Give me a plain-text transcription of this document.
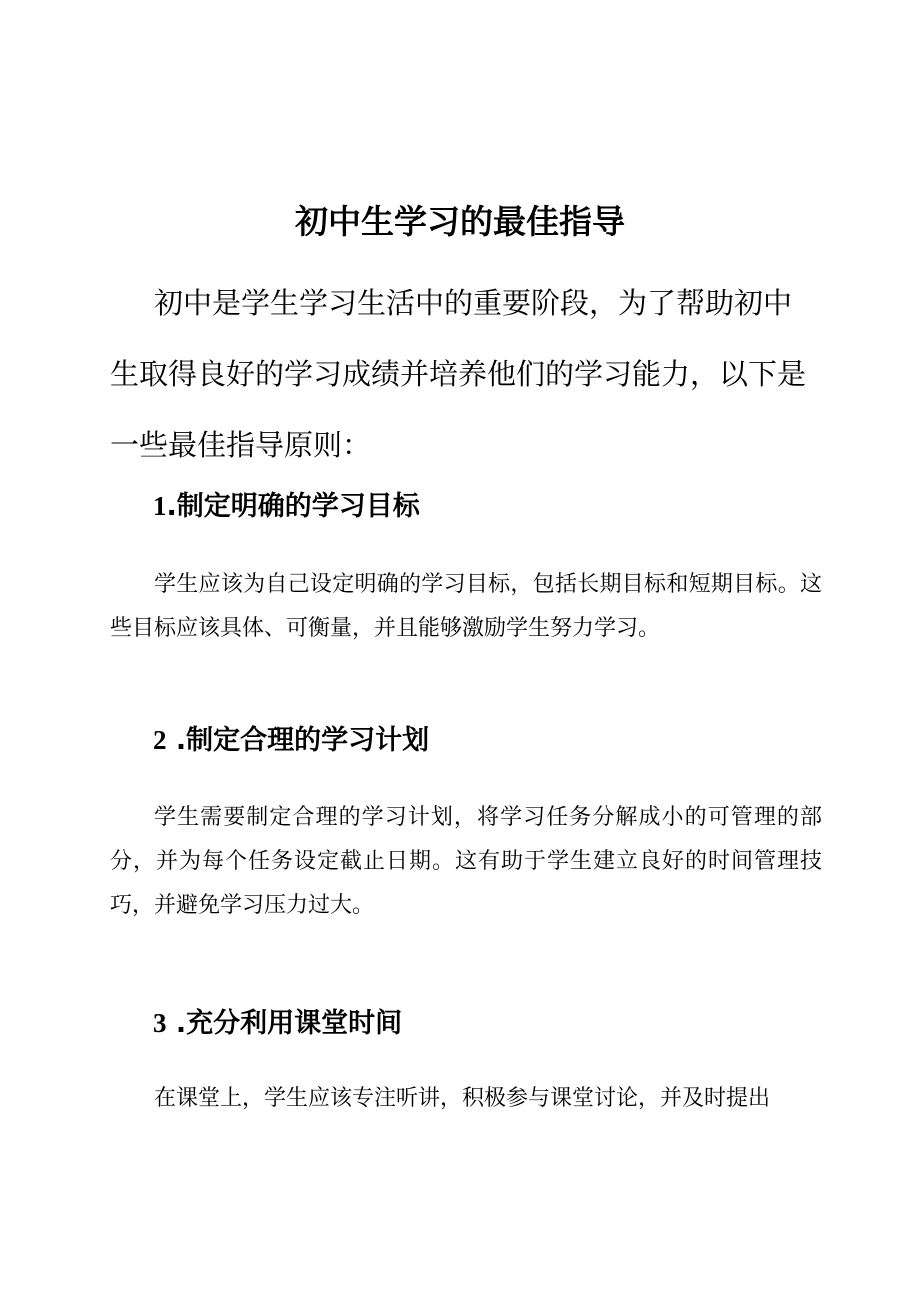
初中生学习的最佳指导

初中是学生学习生活中的重要阶段，为了帮助初中生取得良好的学习成绩并培养他们的学习能力，以下是一些最佳指导原则：

1.制定明确的学习目标

学生应该为自己设定明确的学习目标，包括长期目标和短期目标。这些目标应该具体、可衡量，并且能够激励学生努力学习。

2 .制定合理的学习计划

学生需要制定合理的学习计划，将学习任务分解成小的可管理的部分，并为每个任务设定截止日期。这有助于学生建立良好的时间管理技巧，并避免学习压力过大。

3 .充分利用课堂时间

在课堂上，学生应该专注听讲，积极参与课堂讨论，并及时提出
